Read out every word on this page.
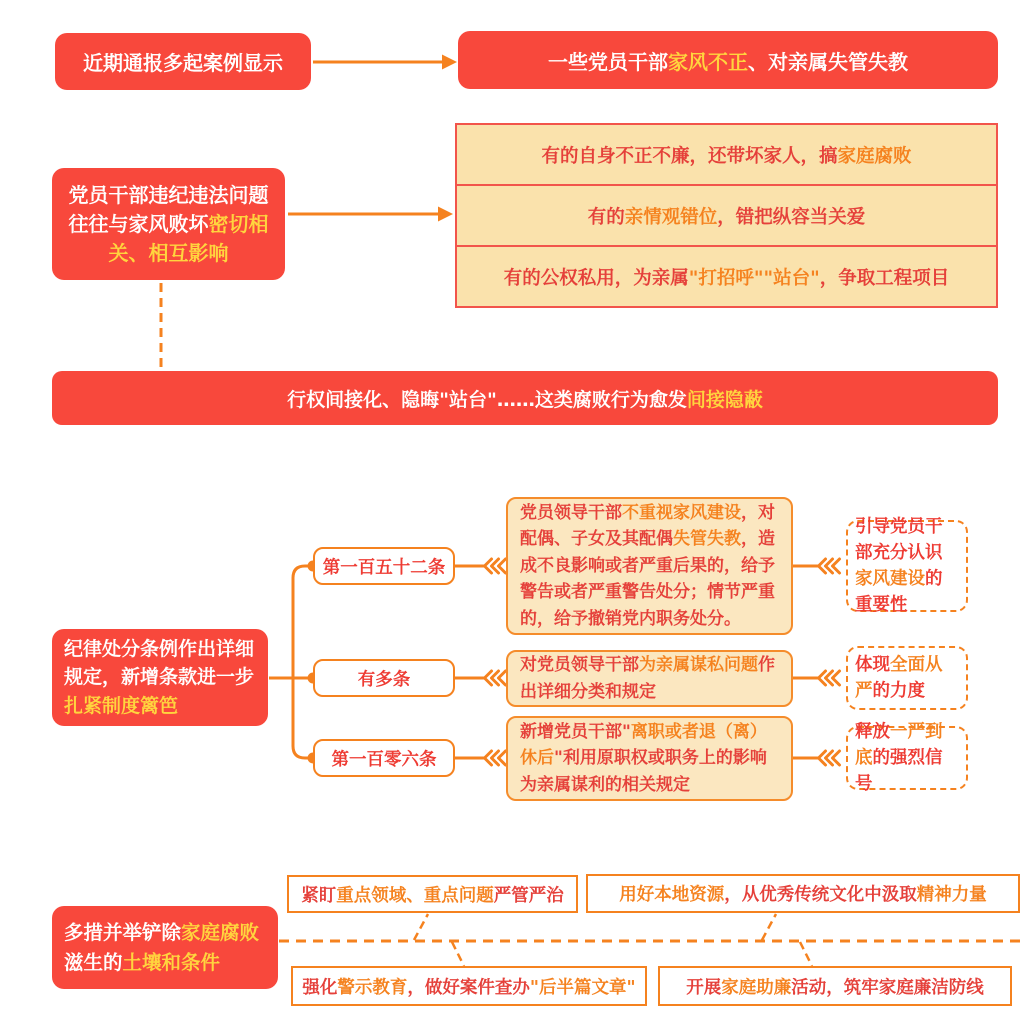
近期通报多起案例显示	一些党员干部家风不正、对亲属失管失教
党员干部违纪违法问题往往与家风败坏密切相关、相互影响
有的自身不正不廉，还带坏家人，搞家庭腐败
有的亲情观错位，错把纵容当关爱
有的公权私用，为亲属"打招呼""站台"，争取工程项目
行权间接化、隐晦"站台"……这类腐败行为愈发间接隐蔽
纪律处分条例作出详细规定，新增条款进一步扎紧制度篱笆
第一百五十二条

党员领导干部不重视家风建设，对配偶、子女及其配偶失管失教，造成不良影响或者严重后果的，给予警告或者严重警告处分；情节严重的，给予撤销党内职务处分。

引导党员干部充分认识家风建设的重要性

有多条

对党员领导干部为亲属谋私问题作出详细分类和规定

体现全面从严的力度

第一百零六条

新增党员干部"离职或者退（离）休后"利用原职权或职务上的影响为亲属谋利的相关规定

释放一严到底的强烈信号

多措并举铲除家庭腐败滋生的土壤和条件
紧盯重点领域、重点问题严管严治	用好本地资源，从优秀传统文化中汲取精神力量
强化警示教育，做好案件查办"后半篇文章"	开展家庭助廉活动，筑牢家庭廉洁防线
